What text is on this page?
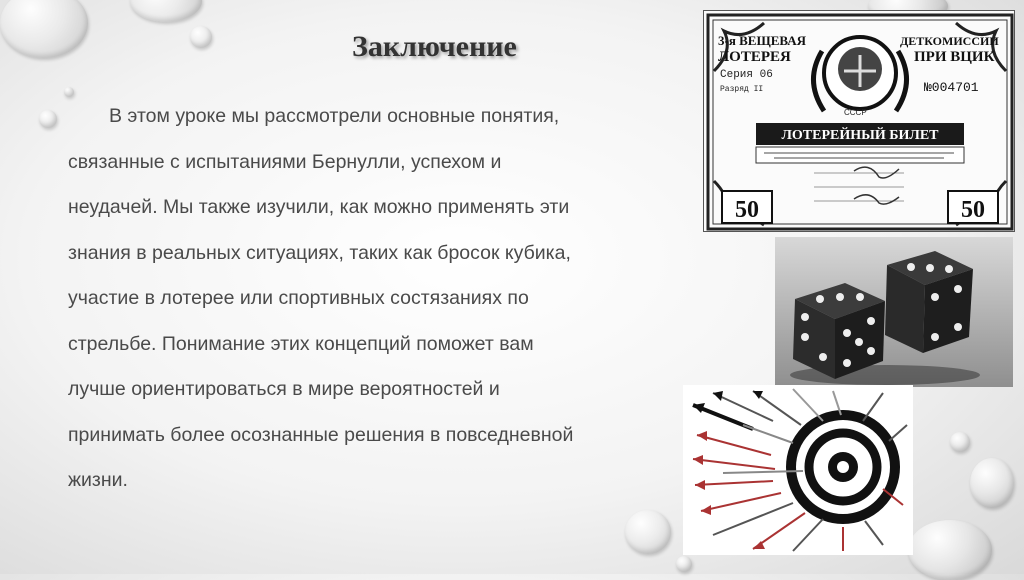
Заключение
В этом уроке мы рассмотрели основные понятия,
связанные с испытаниями Бернулли, успехом и
неудачей. Мы также изучили, как можно применять эти
знания в реальных ситуациях, таких как бросок кубика,
участие в лотерее или спортивных состязаниях по
стрельбе. Понимание этих концепций поможет вам
лучше ориентироваться в мире вероятностей и
принимать более осознанные решения в повседневной
жизни.
3-я ВЕЩЕВАЯ
ЛОТЕРЕЯ
ДЕТКОМИССИИ
ПРИ ВЦИК
Серия 06
Разряд II	№004701
СССР
ЛОТЕРЕЙНЫЙ БИЛЕТ
50	50
